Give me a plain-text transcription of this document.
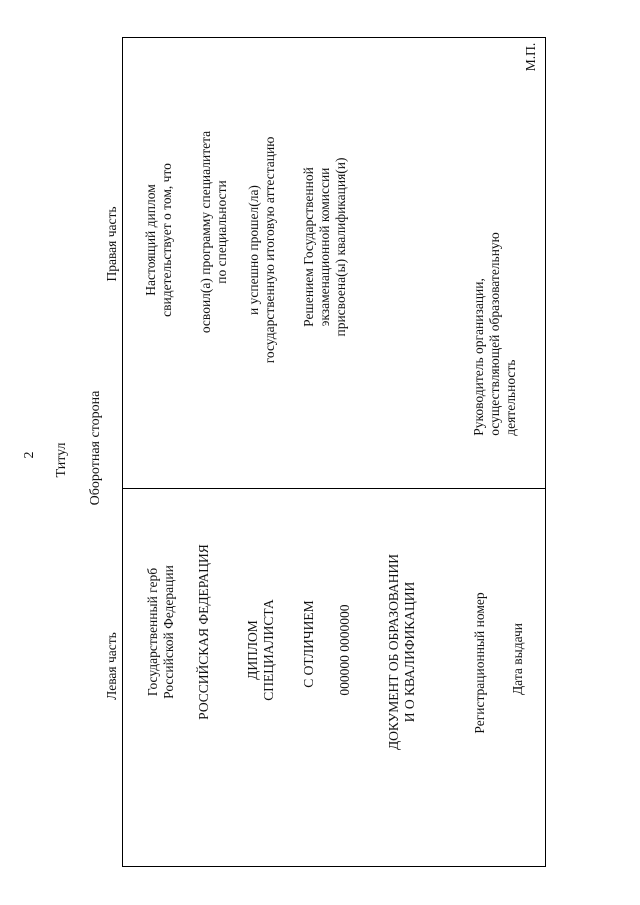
2 Титул Оборотная сторона
Левая часть
Правая часть
Государственный герб Российской Федерации РОССИЙСКАЯ ФЕДЕРАЦИЯ	ДИПЛОМ СПЕЦИАЛИСТА С ОТЛИЧИЕМ 000000 0000000	ДОКУМЕНТ ОБ ОБРАЗОВАНИИ И О КВАЛИФИКАЦИИ	Регистрационный номер Дата выдачи
Настоящий диплом свидетельствует о том, что освоил(а) программу специалитета по специальности и успешно прошел(ла) государственную итоговую аттестацию Решением Государственной экзаменационной комиссии присвоена(ы) квалификация(и)
Руководитель организации, осуществляющей образовательную деятельность
М.П.
